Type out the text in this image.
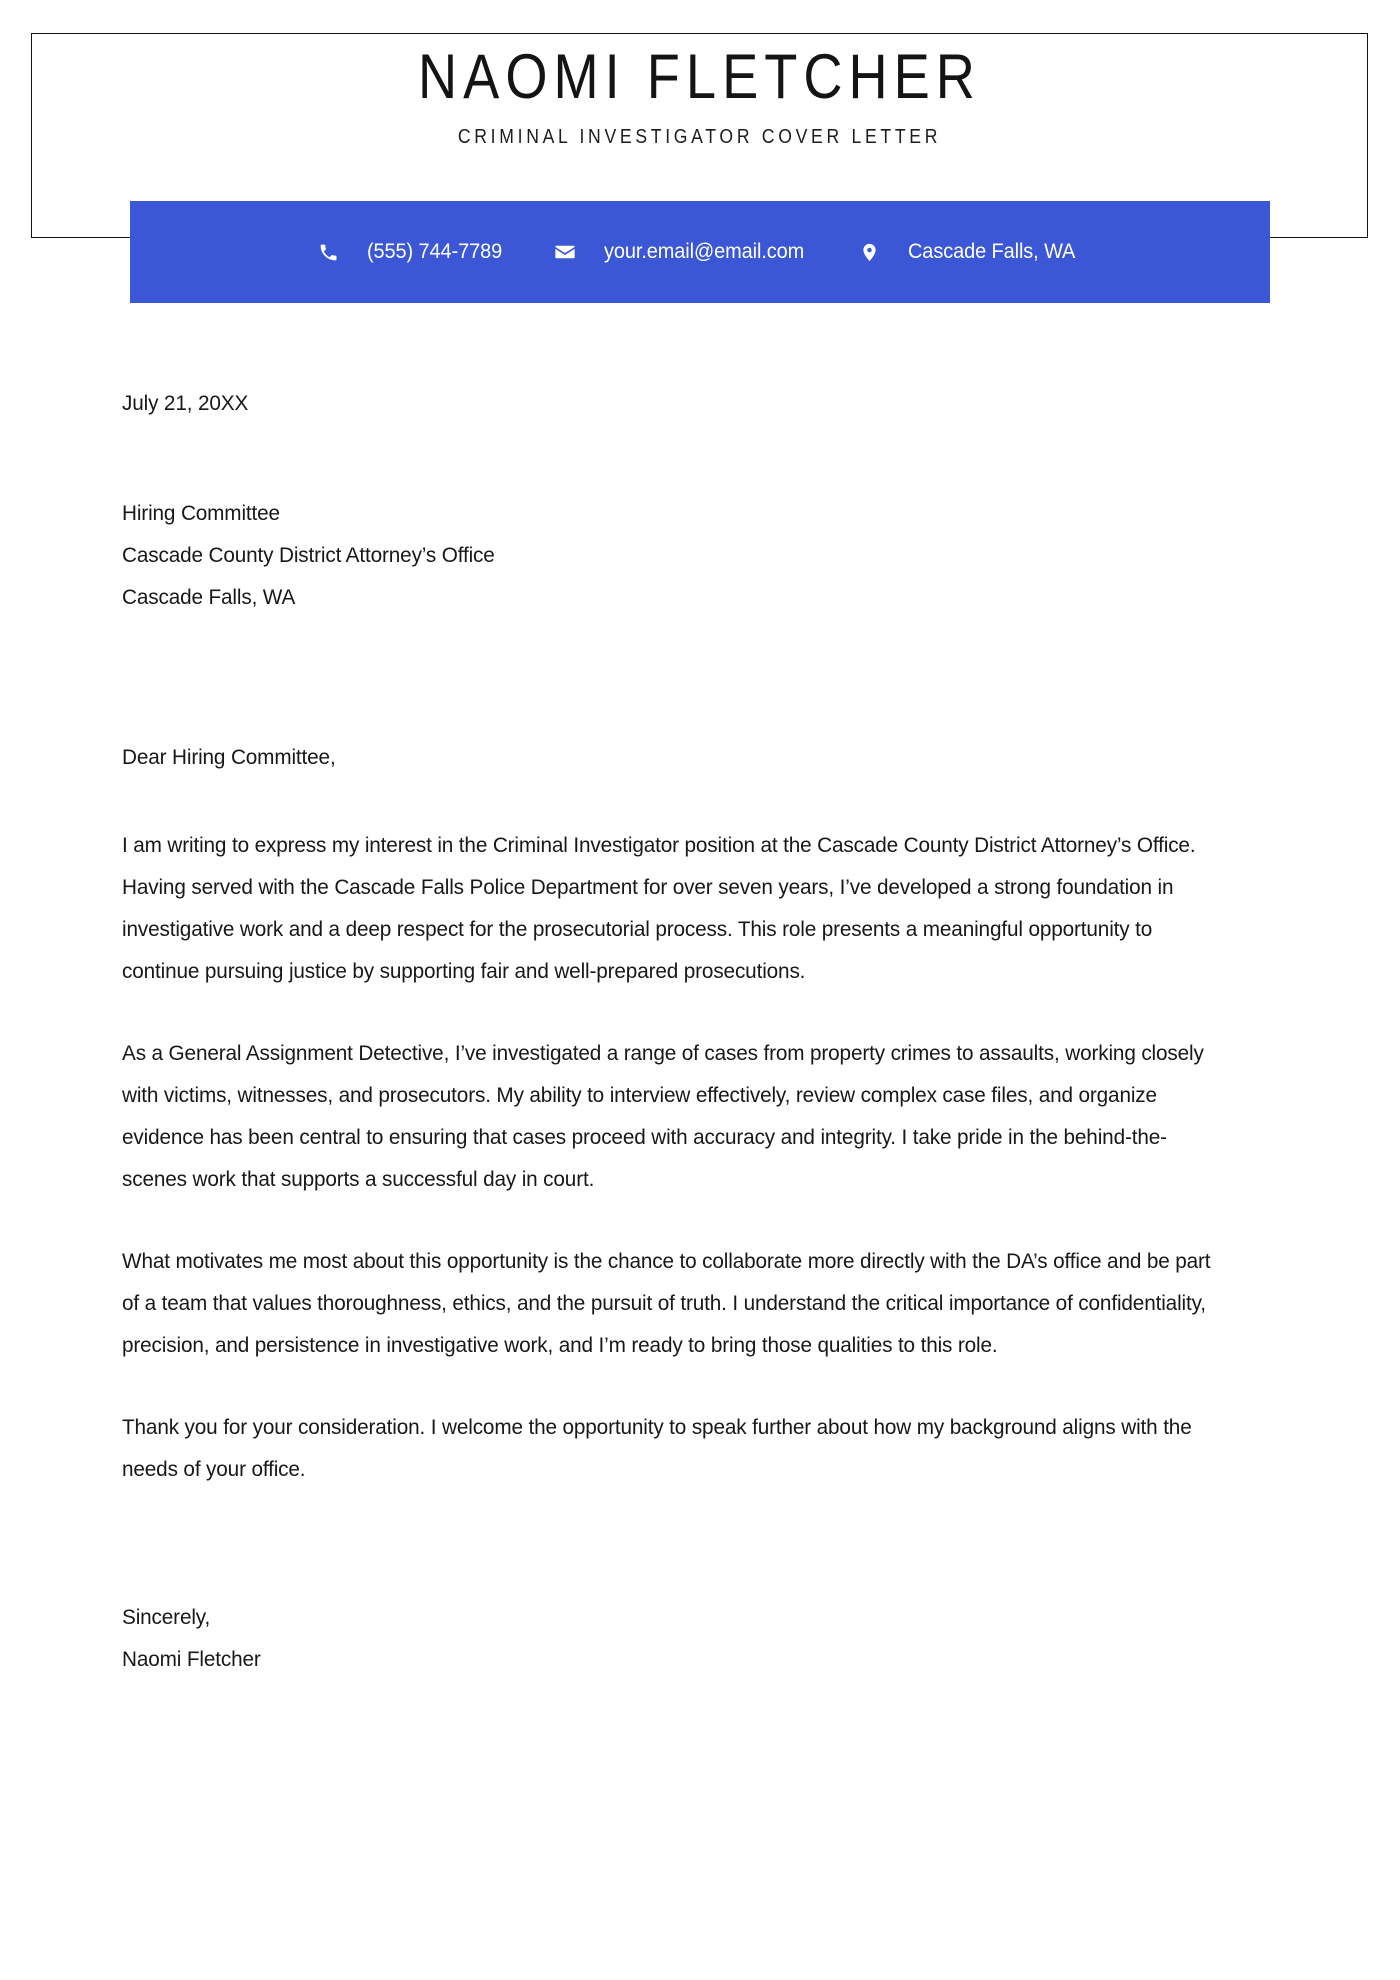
NAOMI FLETCHER
CRIMINAL INVESTIGATOR COVER LETTER
(555) 744-7789	your.email@email.com	Cascade Falls, WA
July 21, 20XX
Hiring Committee
Cascade County District Attorney’s Office
Cascade Falls, WA
Dear Hiring Committee,

I am writing to express my interest in the Criminal Investigator position at the Cascade County District Attorney’s Office. Having served with the Cascade Falls Police Department for over seven years, I’ve developed a strong foundation in investigative work and a deep respect for the prosecutorial process. This role presents a meaningful opportunity to continue pursuing justice by supporting fair and well-prepared prosecutions.

As a General Assignment Detective, I’ve investigated a range of cases from property crimes to assaults, working closely with victims, witnesses, and prosecutors. My ability to interview effectively, review complex case files, and organize evidence has been central to ensuring that cases proceed with accuracy and integrity. I take pride in the behind-the-scenes work that supports a successful day in court.

What motivates me most about this opportunity is the chance to collaborate more directly with the DA’s office and be part of a team that values thoroughness, ethics, and the pursuit of truth. I understand the critical importance of confidentiality, precision, and persistence in investigative work, and I’m ready to bring those qualities to this role.

Thank you for your consideration. I welcome the opportunity to speak further about how my background aligns with the needs of your office.

Sincerely,
Naomi Fletcher
